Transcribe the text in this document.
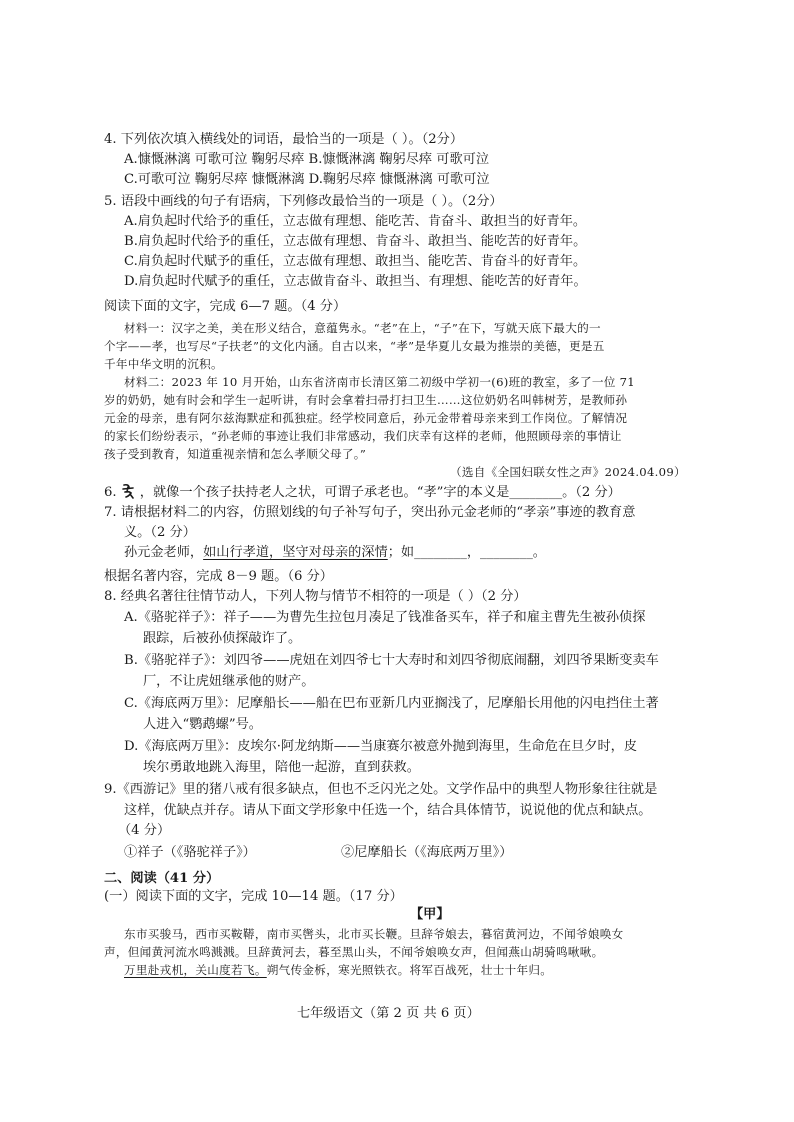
4. 下列依次填入横线处的词语，最恰当的一项是（ ）。（2分）
A.慷慨淋漓 可歌可泣 鞠躬尽瘁 B.慷慨淋漓 鞠躬尽瘁 可歌可泣
C.可歌可泣 鞠躬尽瘁 慷慨淋漓 D.鞠躬尽瘁 慷慨淋漓 可歌可泣
5. 语段中画线的句子有语病，下列修改最恰当的一项是（ ）。（2分）
A.肩负起时代给予的重任，立志做有理想、能吃苦、肯奋斗、敢担当的好青年。
B.肩负起时代给予的重任，立志做有理想、肯奋斗、敢担当、能吃苦的好青年。
C.肩负起时代赋予的重任，立志做有理想、敢担当、能吃苦、肯奋斗的好青年。
D.肩负起时代赋予的重任，立志做肯奋斗、敢担当、有理想、能吃苦的好青年。
阅读下面的文字，完成 6—7 题。（4 分）
材料一：汉字之美，美在形义结合，意蕴隽永。“老”在上，“子”在下，写就天底下最大的一
个字——孝，也写尽“子扶老”的文化内涵。自古以来，“孝”是华夏儿女最为推崇的美德，更是五
千年中华文明的沉积。
材料二：2023 年 10 月开始，山东省济南市长清区第二初级中学初一(6)班的教室，多了一位 71
岁的奶奶，她有时会和学生一起听讲，有时会拿着扫帚打扫卫生……这位奶奶名叫韩树芳，是教师孙
元金的母亲，患有阿尔兹海默症和孤独症。经学校同意后，孙元金带着母亲来到工作岗位。了解情况
的家长们纷纷表示，“孙老师的事迹让我们非常感动，我们庆幸有这样的老师，他照顾母亲的事情让
孩子受到教育，知道重视亲情和怎么孝顺父母了。”
（选自《全国妇联女性之声》2024.04.09）
6. ，就像一个孩子扶持老人之状，可谓子承老也。“孝”字的本义是________。（2 分）
7. 请根据材料二的内容，仿照划线的句子补写句子，突出孙元金老师的“孝亲”事迹的教育意
义。（2 分）
孙元金老师，如山行孝道，坚守对母亲的深情；如________，________。
根据名著内容，完成 8－9 题。（6 分）
8. 经典名著往往情节动人，下列人物与情节不相符的一项是（ ）（2 分）
A.《骆驼祥子》：祥子——为曹先生拉包月凑足了钱准备买车，祥子和雇主曹先生被孙侦探
跟踪，后被孙侦探敲诈了。
B.《骆驼祥子》：刘四爷——虎妞在刘四爷七十大寿时和刘四爷彻底闹翻，刘四爷果断变卖车
厂，不让虎妞继承他的财产。
C.《海底两万里》：尼摩船长——船在巴布亚新几内亚搁浅了，尼摩船长用他的闪电挡住土著
人进入“鹦鹉螺”号。
D.《海底两万里》：皮埃尔·阿龙纳斯——当康赛尔被意外抛到海里，生命危在旦夕时，皮
埃尔勇敢地跳入海里，陪他一起游，直到获救。
9.《西游记》里的猪八戒有很多缺点，但也不乏闪光之处。文学作品中的典型人物形象往往就是
这样，优缺点并存。请从下面文学形象中任选一个，结合具体情节，说说他的优点和缺点。
（4 分）
①祥子（《骆驼祥子》）	②尼摩船长（《海底两万里》）
二、阅读（41 分）
(一）阅读下面的文字，完成 10—14 题。（17 分）
【甲】
东市买骏马，西市买鞍鞯，南市买辔头，北市买长鞭。旦辞爷娘去，暮宿黄河边，不闻爷娘唤女
声，但闻黄河流水鸣溅溅。旦辞黄河去，暮至黑山头，不闻爷娘唤女声，但闻燕山胡骑鸣啾啾。
万里赴戎机，关山度若飞。朔气传金柝，寒光照铁衣。将军百战死，壮士十年归。
七年级语文（第 2 页 共 6 页）
